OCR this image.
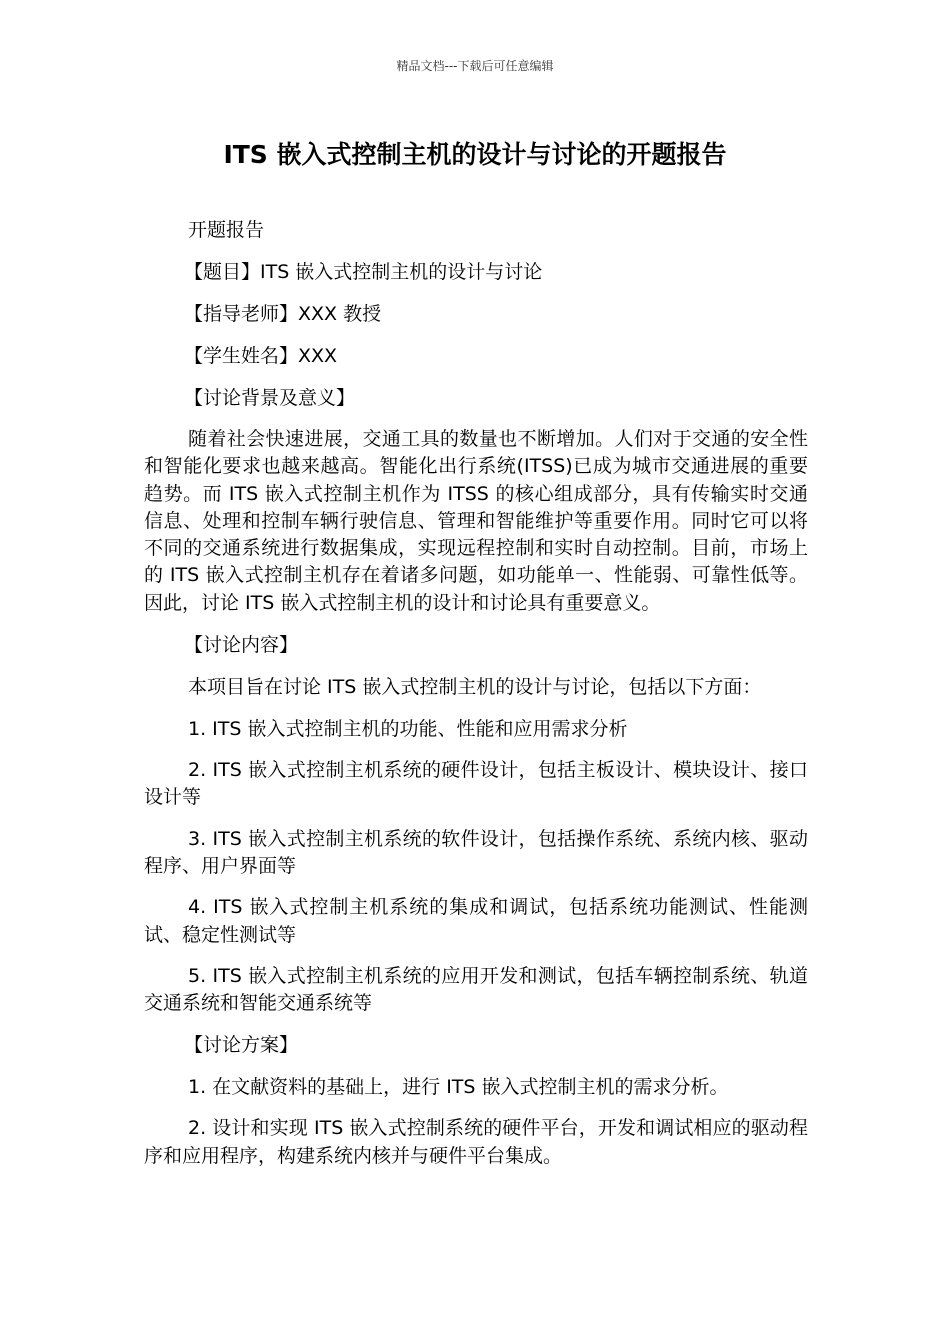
精品文档---下载后可任意编辑
ITS 嵌入式控制主机的设计与讨论的开题报告

开题报告

【题目】ITS 嵌入式控制主机的设计与讨论

【指导老师】XXX 教授

【学生姓名】XXX

【讨论背景及意义】

随着社会快速进展，交通工具的数量也不断增加。人们对于交通的安全性和智能化要求也越来越高。智能化出行系统(ITSS)已成为城市交通进展的重要趋势。而 ITS 嵌入式控制主机作为 ITSS 的核心组成部分，具有传输实时交通信息、处理和控制车辆行驶信息、管理和智能维护等重要作用。同时它可以将不同的交通系统进行数据集成，实现远程控制和实时自动控制。目前，市场上的 ITS 嵌入式控制主机存在着诸多问题，如功能单一、性能弱、可靠性低等。因此，讨论 ITS 嵌入式控制主机的设计和讨论具有重要意义。

【讨论内容】

本项目旨在讨论 ITS 嵌入式控制主机的设计与讨论，包括以下方面：

1. ITS 嵌入式控制主机的功能、性能和应用需求分析

2. ITS 嵌入式控制主机系统的硬件设计，包括主板设计、模块设计、接口设计等

3. ITS 嵌入式控制主机系统的软件设计，包括操作系统、系统内核、驱动程序、用户界面等

4. ITS 嵌入式控制主机系统的集成和调试，包括系统功能测试、性能测试、稳定性测试等

5. ITS 嵌入式控制主机系统的应用开发和测试，包括车辆控制系统、轨道交通系统和智能交通系统等

【讨论方案】

1. 在文献资料的基础上，进行 ITS 嵌入式控制主机的需求分析。

2. 设计和实现 ITS 嵌入式控制系统的硬件平台，开发和调试相应的驱动程序和应用程序，构建系统内核并与硬件平台集成。
